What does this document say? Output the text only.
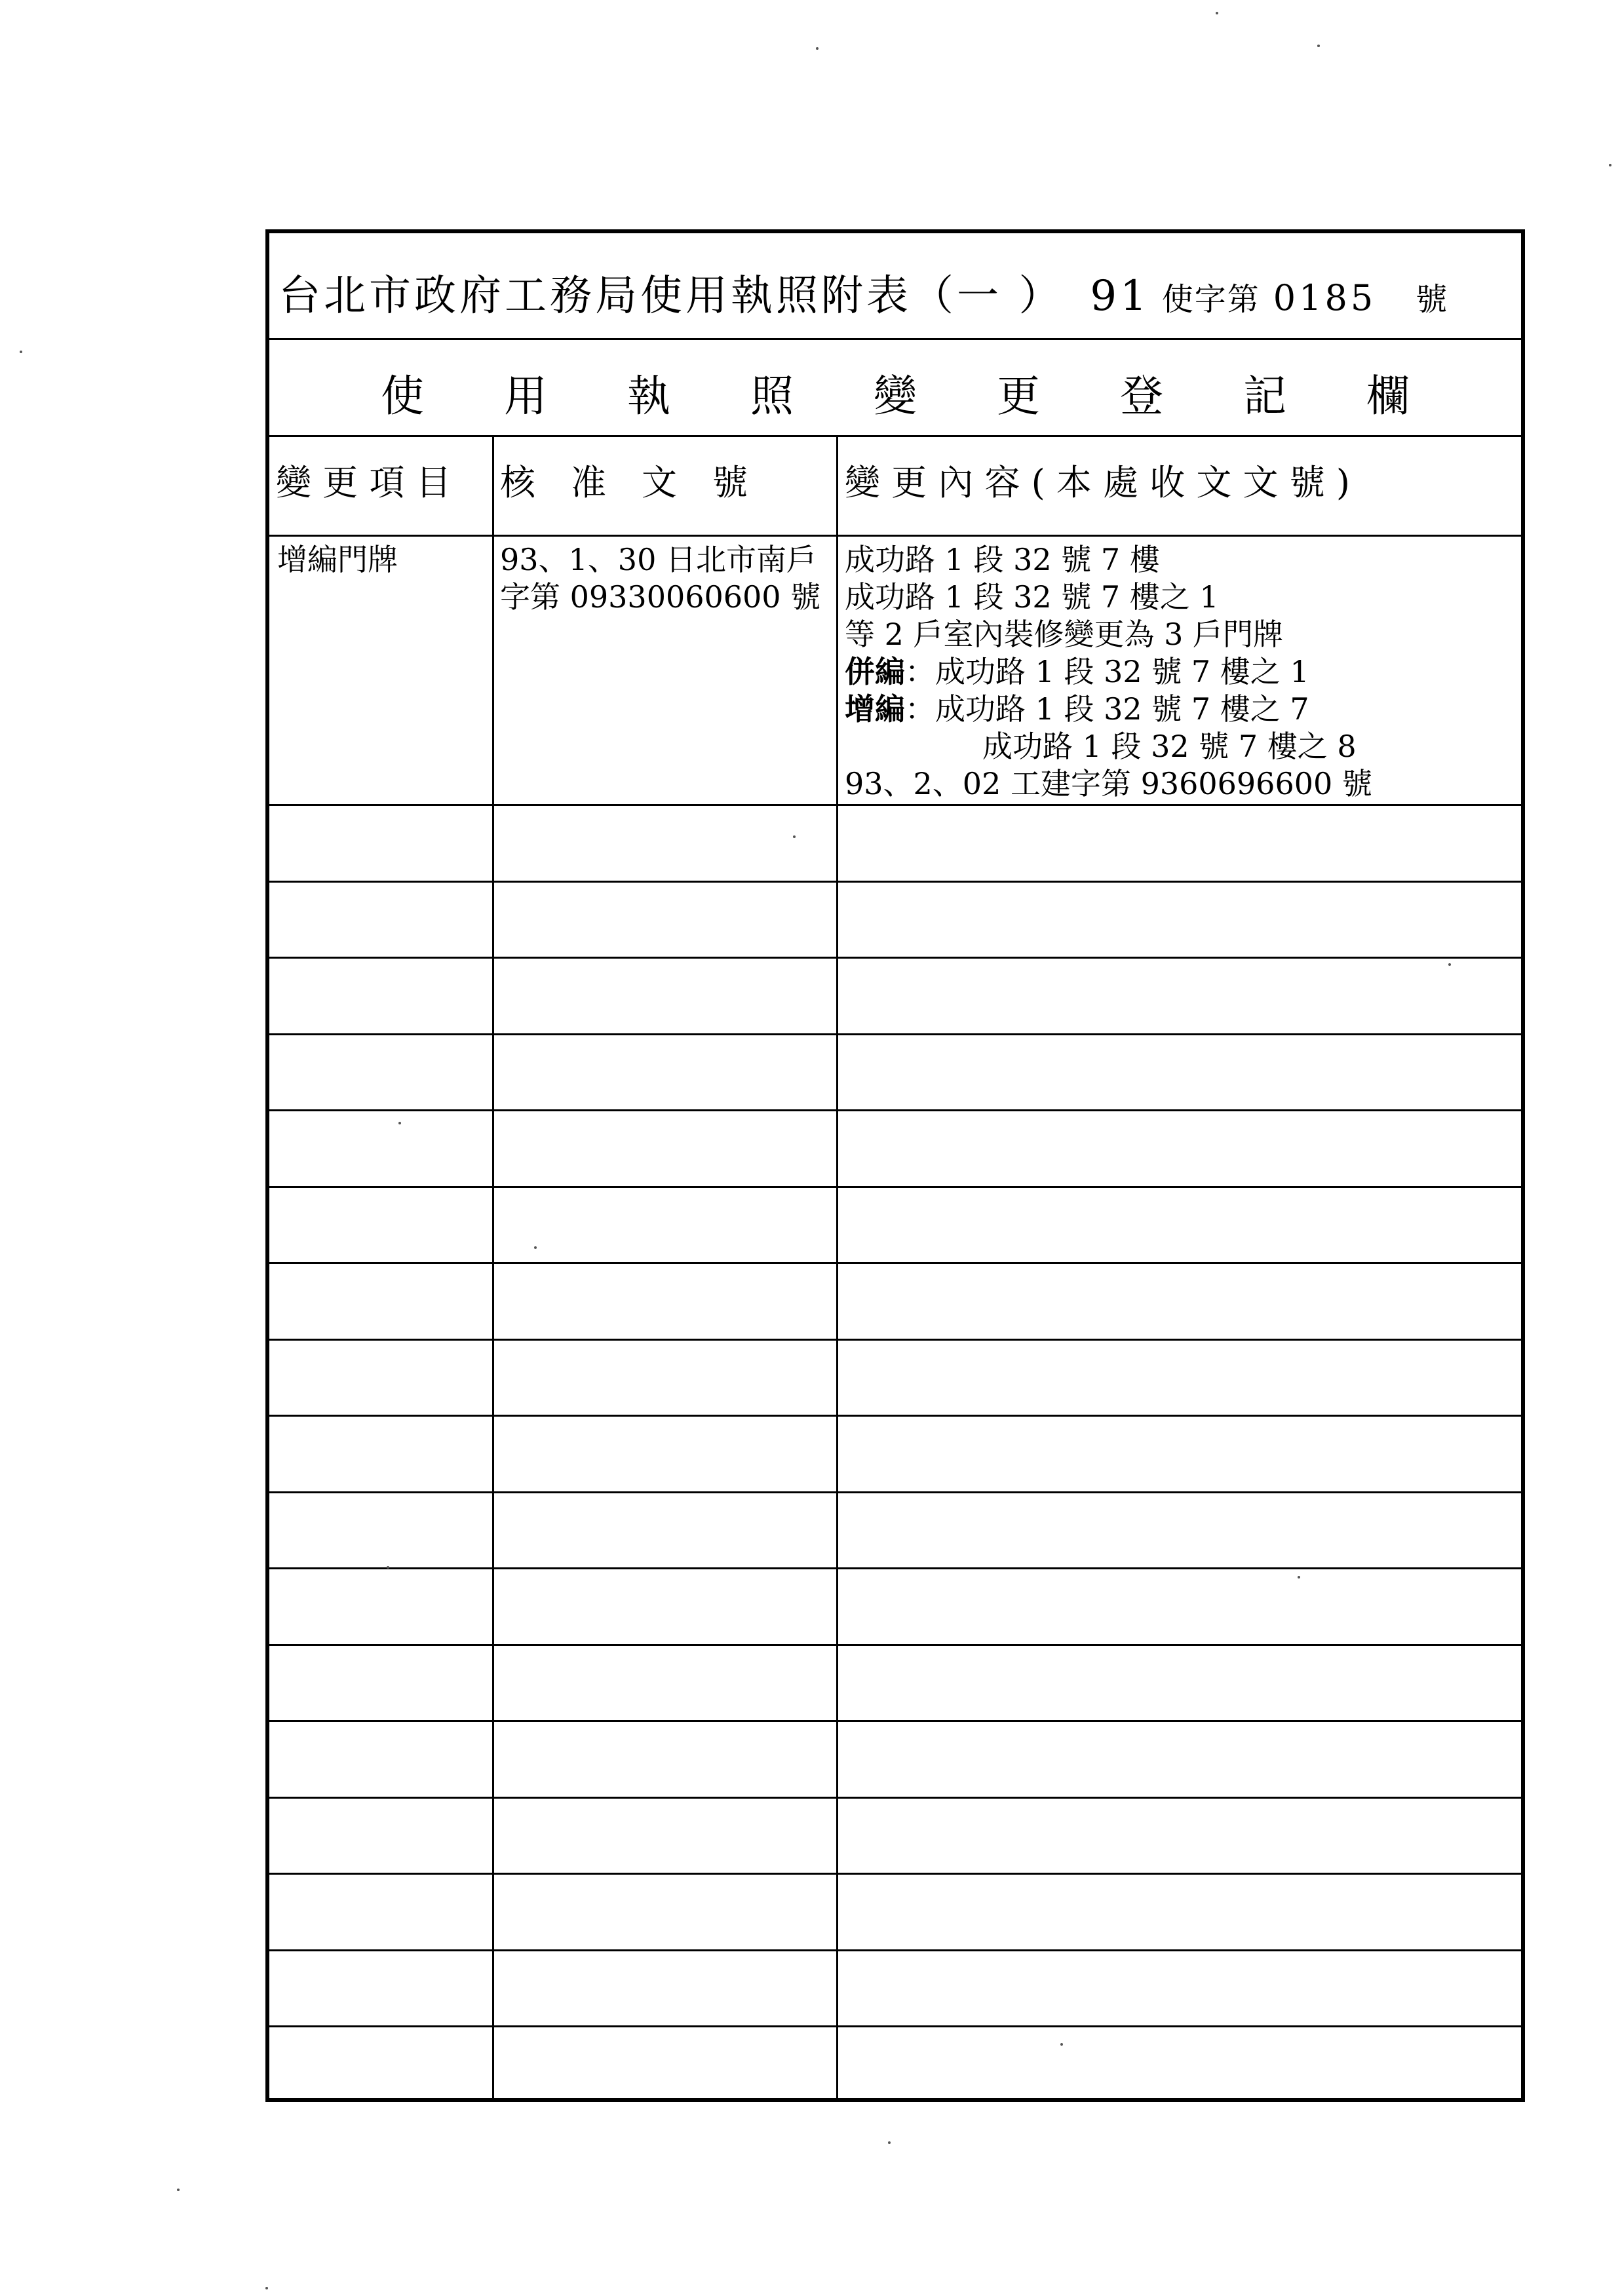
台北市政府工務局使用執照附表（一 ） 91 使字第 0185 號
使 用 執 照 變 更 登 記 欄
變 更 項 目 核　准　文　號	變 更 內 容 ( 本 處 收 文 文 號 )
增編門牌	93、1、30 日北市南戶
字第 09330060600 號
成功路 1 段 32 號 7 樓
成功路 1 段 32 號 7 樓之 1
等 2 戶室內裝修變更為 3 戶門牌
併編：成功路 1 段 32 號 7 樓之 1
增編：成功路 1 段 32 號 7 樓之 7
成功路 1 段 32 號 7 樓之 8
93、2、02 工建字第 9360696600 號
